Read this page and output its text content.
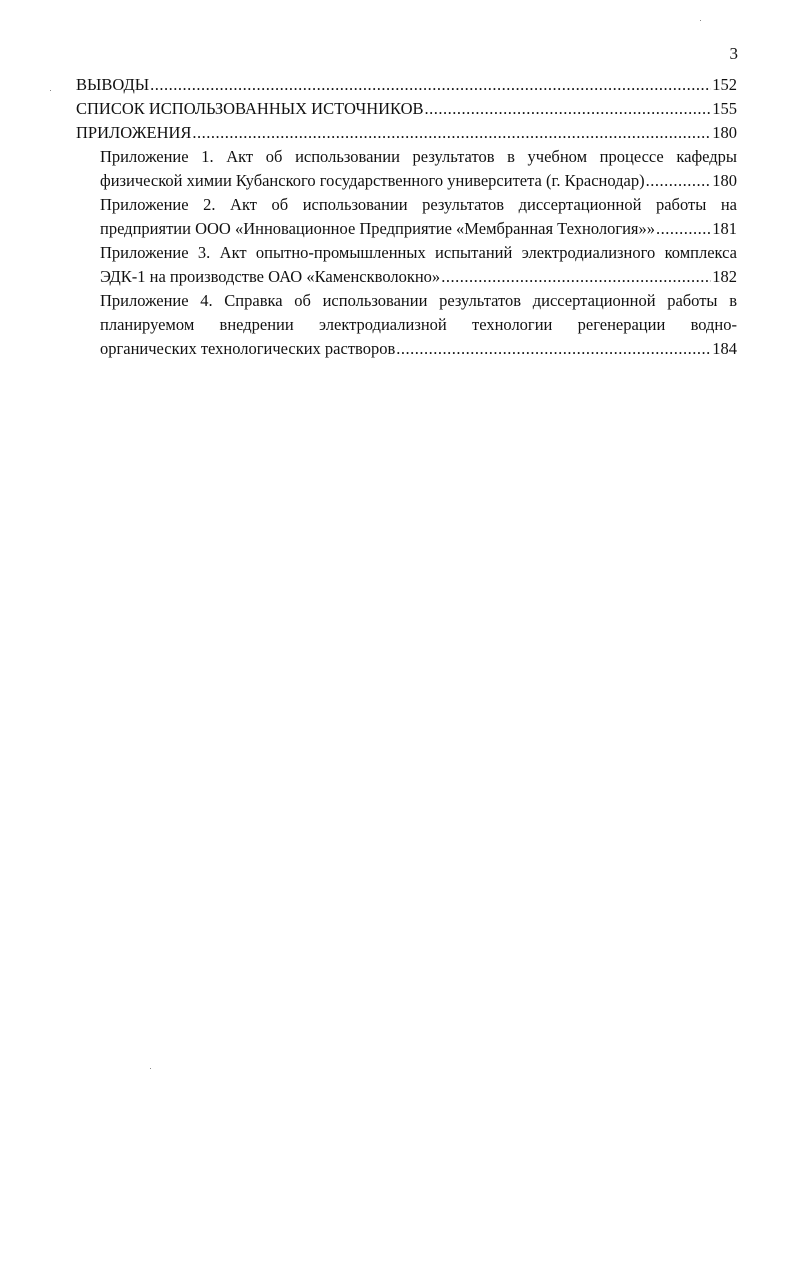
3
ВЫВОДЫ .....	152
СПИСОК ИСПОЛЬЗОВАННЫХ ИСТОЧНИКОВ .....	155
ПРИЛОЖЕНИЯ .....	180
Приложение 1. Акт об использовании результатов в учебном процессе кафедры
физической химии Кубанского государственного университета (г. Краснодар) .....	180
Приложение 2. Акт об использовании результатов диссертационной работы на
предприятии ООО «Инновационное Предприятие «Мембранная Технология»» .....	181
Приложение 3. Акт опытно-промышленных испытаний электродиализного комплекса
ЭДК-1 на производстве ОАО «Каменскволокно» .....	182
Приложение 4. Справка об использовании результатов диссертационной работы в
планируемом внедрении электродиализной технологии регенерации водно-
органических технологических растворов .....	184
